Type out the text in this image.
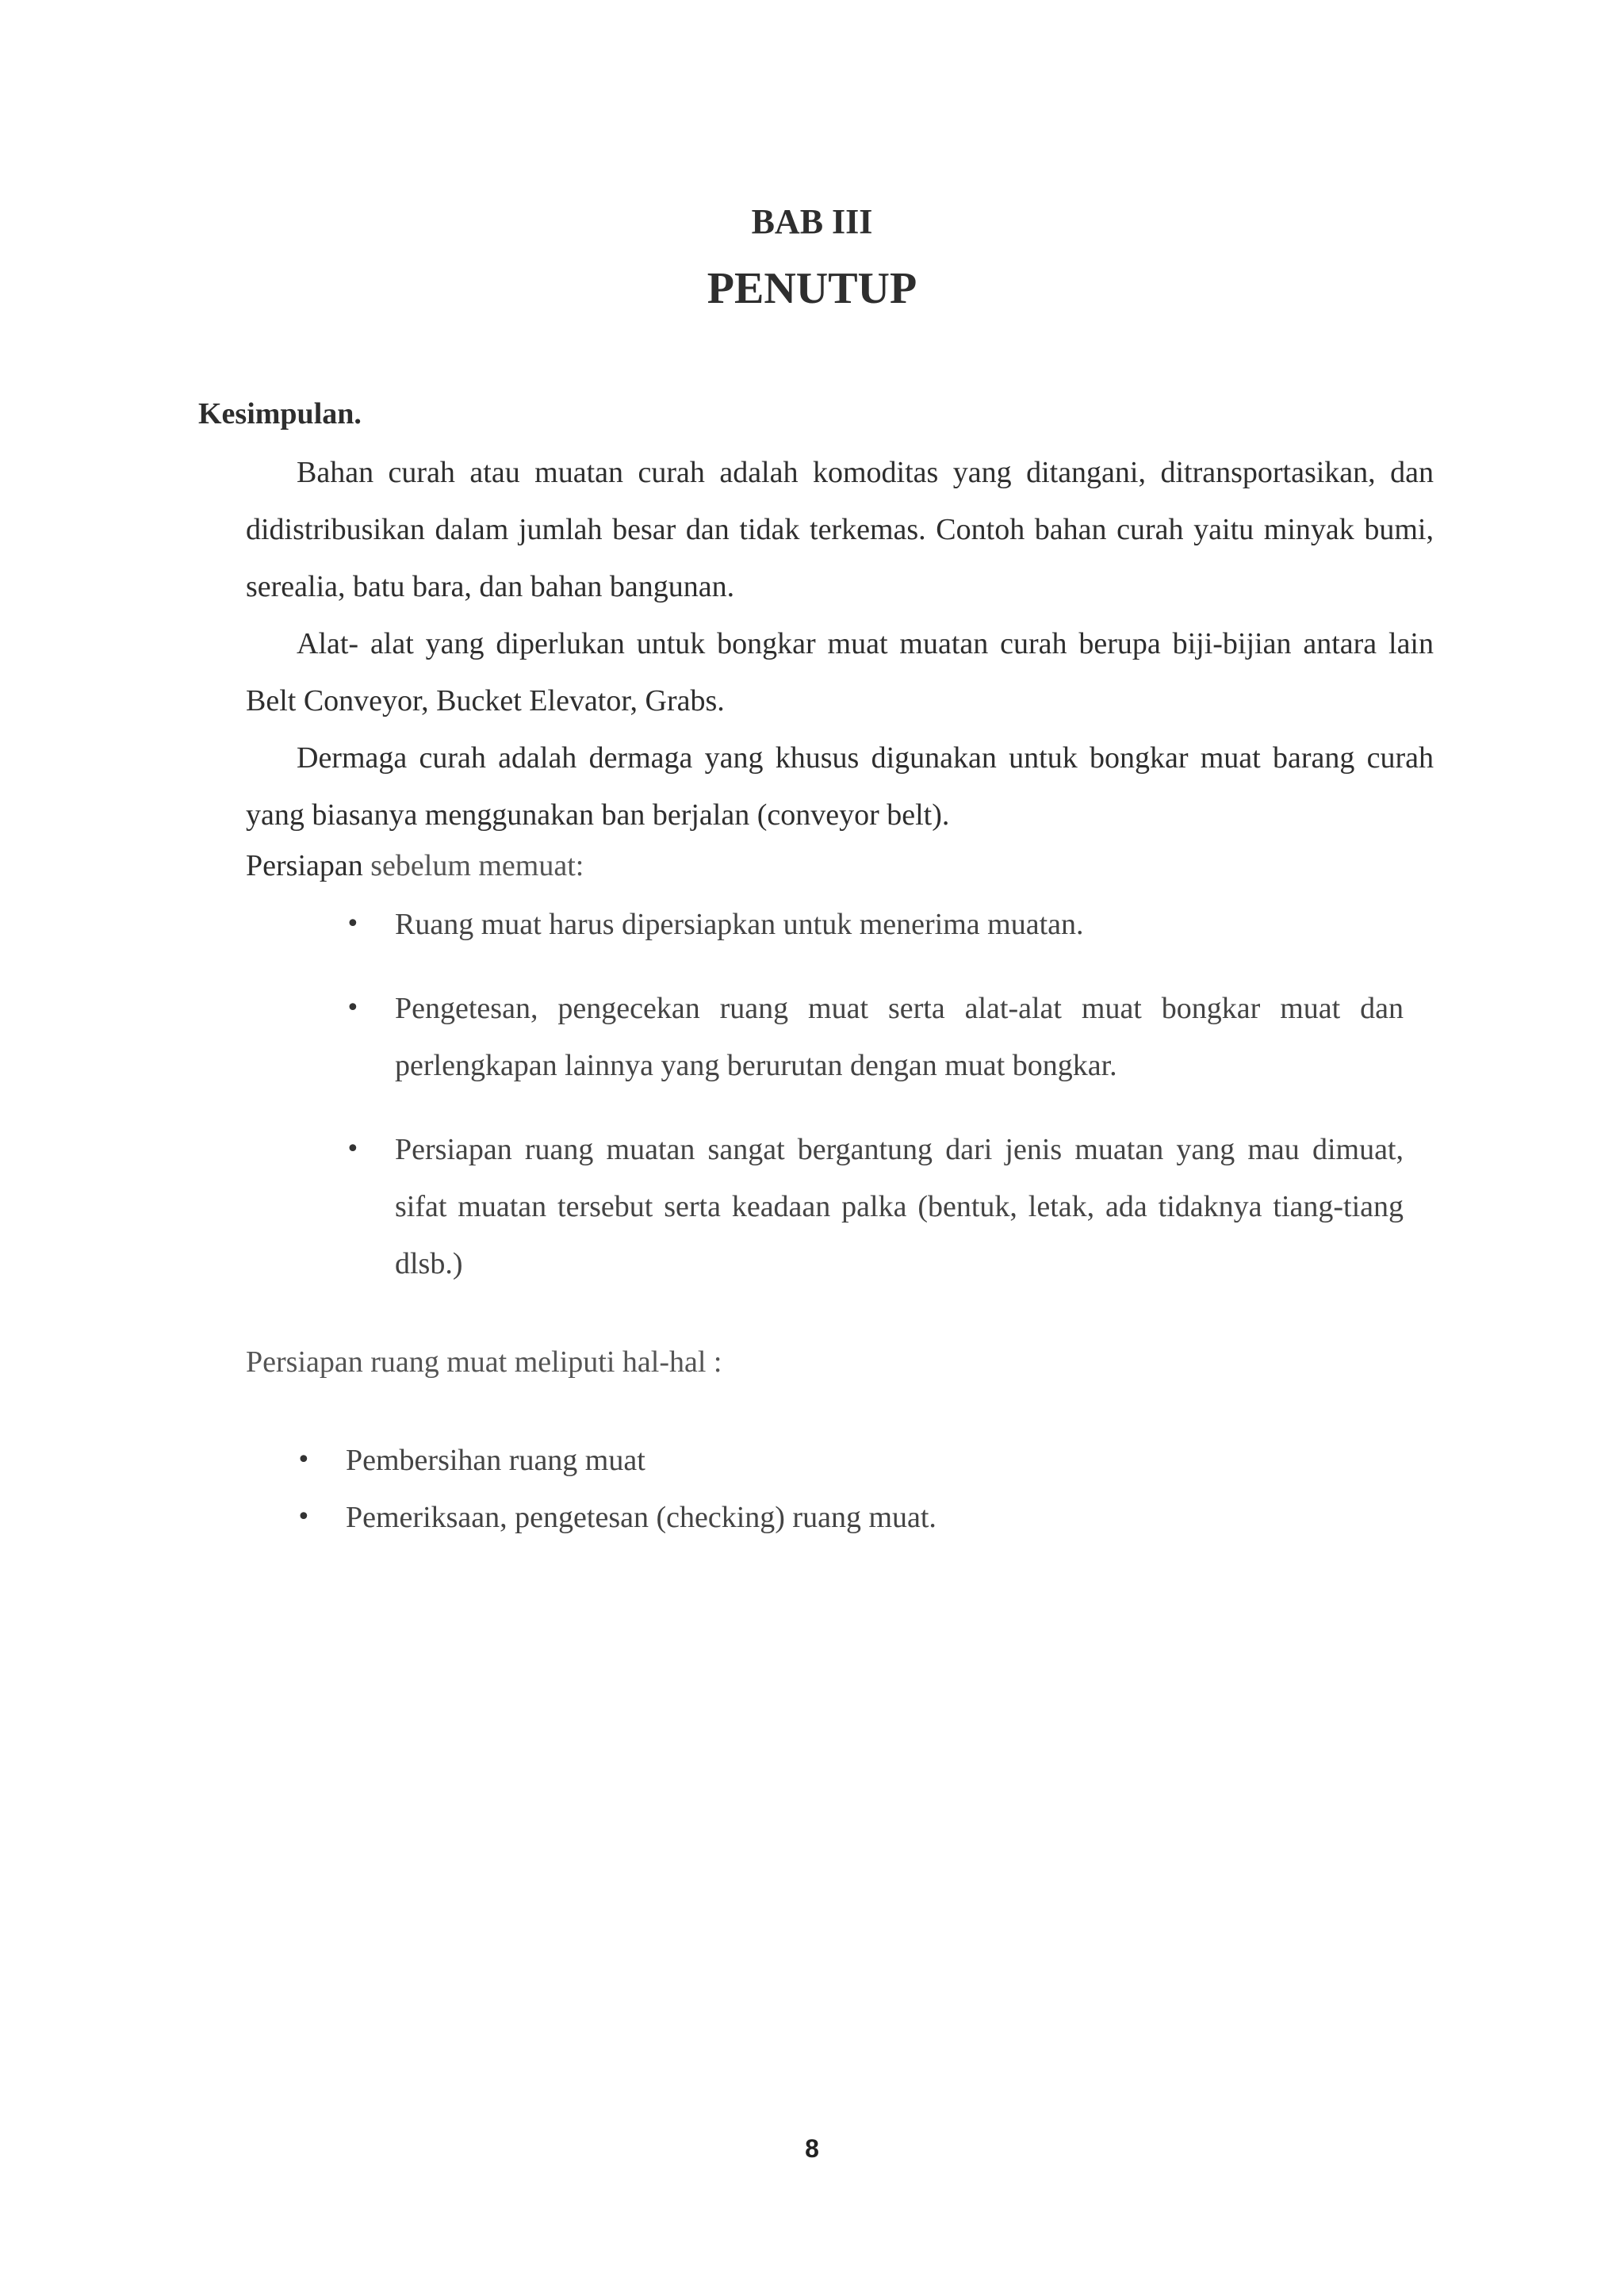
BAB III
PENUTUP
Kesimpulan.

Bahan curah atau muatan curah adalah komoditas yang ditangani, ditransportasikan, dan didistribusikan dalam jumlah besar dan tidak terkemas. Contoh bahan curah yaitu minyak bumi, serealia, batu bara, dan bahan bangunan.

Alat- alat yang diperlukan untuk bongkar muat muatan curah berupa biji-bijian antara lain Belt Conveyor, Bucket Elevator, Grabs.

Dermaga curah adalah dermaga yang khusus digunakan untuk bongkar muat barang curah yang biasanya menggunakan ban berjalan (conveyor belt).

Persiapan sebelum memuat:
• Ruang muat harus dipersiapkan untuk menerima muatan.
• Pengetesan, pengecekan ruang muat serta alat-alat muat bongkar muat dan perlengkapan lainnya yang berurutan dengan muat bongkar.
• Persiapan ruang muatan sangat bergantung dari jenis muatan yang mau dimuat, sifat muatan tersebut serta keadaan palka (bentuk, letak, ada tidaknya tiang-tiang dlsb.)
Persiapan ruang muat meliputi hal-hal :
• Pembersihan ruang muat
• Pemeriksaan, pengetesan (checking) ruang muat.
8
